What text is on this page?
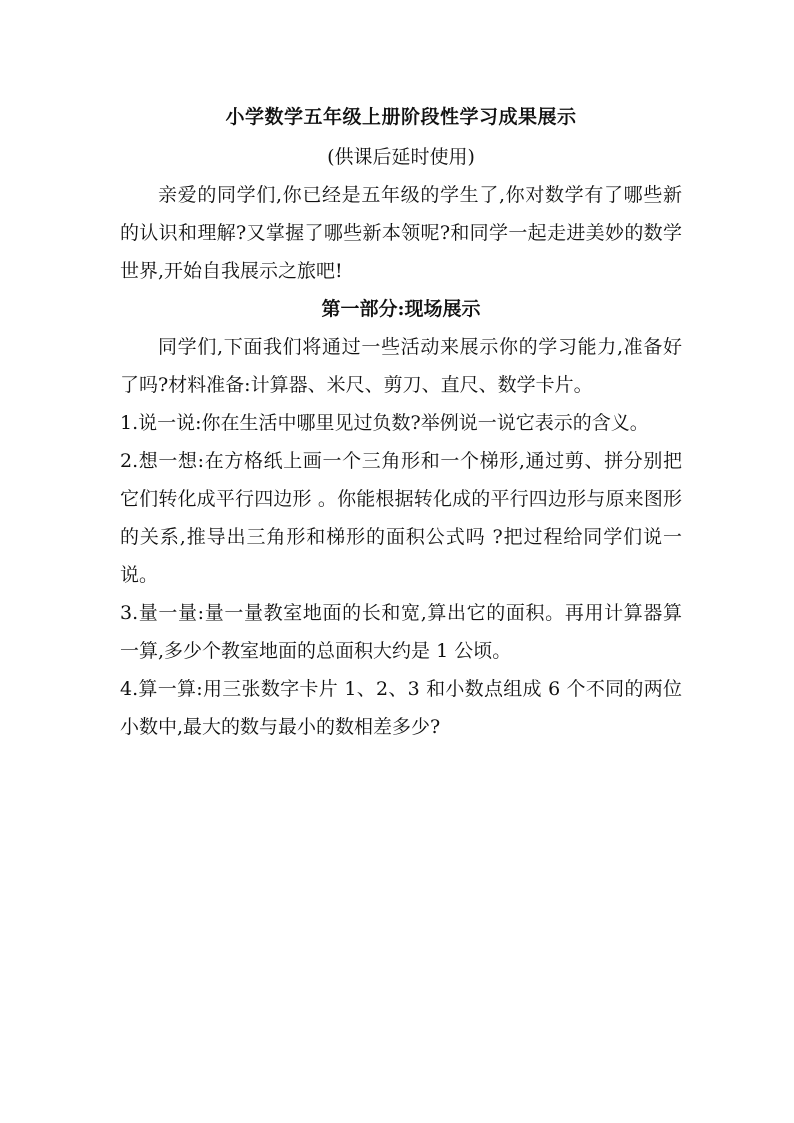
小学数学五年级上册阶段性学习成果展示

(供课后延时使用)

亲爱的同学们,你已经是五年级的学生了,你对数学有了哪些新的认识和理解?又掌握了哪些新本领呢?和同学一起走进美妙的数学世界,开始自我展示之旅吧!

第一部分:现场展示

同学们,下面我们将通过一些活动来展示你的学习能力,准备好了吗?材料准备:计算器、米尺、剪刀、直尺、数学卡片。

1.说一说:你在生活中哪里见过负数?举例说一说它表示的含义。

2.想一想:在方格纸上画一个三角形和一个梯形,通过剪、拼分别把它们转化成平行四边形 。你能根据转化成的平行四边形与原来图形的关系,推导出三角形和梯形的面积公式吗 ?把过程给同学们说一说。

3.量一量:量一量教室地面的长和宽,算出它的面积。再用计算器算一算,多少个教室地面的总面积大约是 1 公顷。

4.算一算:用三张数字卡片 1、2、3 和小数点组成 6 个不同的两位小数中,最大的数与最小的数相差多少?
